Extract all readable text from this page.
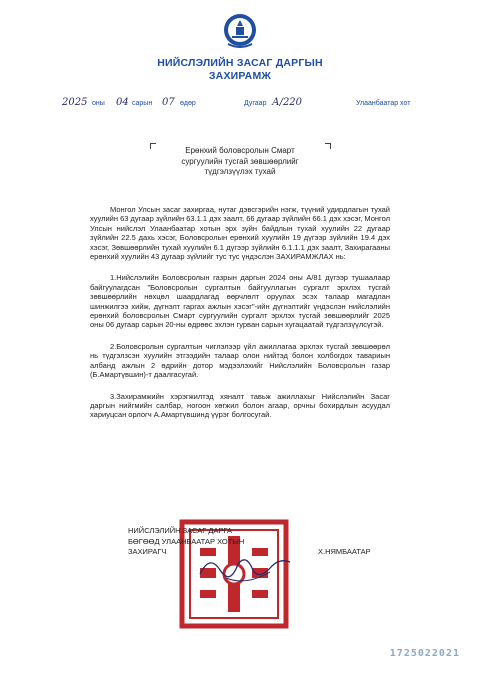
НИЙСЛЭЛИЙН ЗАСАГ ДАРГЫН
ЗАХИРАМЖ
2025 оны 04 сарын 07 өдөр	Дугаар А/220	Улаанбаатар хот
Ерөнхий боловсролын Смарт
сургуулийн тусгай зөвшөөрлийг
түдгэлзүүлэх тухай

Монгол Улсын засаг захиргаа, нутаг дэвсгэрийн нэгж, түүний удирдлагын тухай хуулийн 63 дугаар зүйлийн 63.1.1 дэх заалт, 66 дугаар зүйлийн 66.1 дэх хэсэг, Монгол Улсын нийслэл Улаанбаатар хотын эрх зүйн байдлын тухай хуулийн 22 дугаар зүйлийн 22.5 дахь хэсэг, Боловсролын ерөнхий хуулийн 19 дүгээр зүйлийн 19.4 дэх хэсэг, Зөвшөөрлийн тухай хуулийн 6.1 дүгээр зүйлийн 6.1.1.1 дэх заалт, Захирагааны ерөнхий хуулийн 43 дугаар зүйлийг тус тус үндэслэн ЗАХИРАМЖЛАХ нь:

1.Нийслэлийн Боловсролын газрын даргын 2024 оны А/81 дүгээр тушаалаар байгуулагдсан "Боловсролын сургалтын байгууллагын сургалт эрхлэх тусгай зөвшөөрлийн нөхцөл шаардлагад өөрчлөлт оруулах эсэх талаар магадлан шинжилгээ хийж, дүгнэлт гаргах ажлын хэсэг"-ийн дүгнэлтийг үндэслэн нийслэлийн ерөнхий боловсролын Смарт сургуулийн сургалт эрхлэх тусгай зөвшөөрлийг 2025 оны 06 дугаар сарын 20-ны өдрөөс эхлэн гурван сарын хугацаатай түдгэлзүүлсүгэй.

2.Боловсролын сургалтын чиглэлээр үйл ажиллагаа эрхлэх тусгай зөвшөөрөл нь түдгэлзсэн хуулийн этгээдийн талаар олон нийтэд болон холбогдох тавариын албанд ажлын 2 өдрийн дотор мэдээлэхийг Нийслэлийн Боловсролын газар (Б.Амартүвшин)-т даалгасугай.

3.Захирамжийн хэрэгжилтэд хяналт тавьж ажиллахыг Нийслэлийн Засаг даргын нийгмийн салбар, ногоон хөгжил болон агаар, орчны бохирдлын асуудал хариуцсан орлогч А.Амартүвшинд үүрэг болгосугай.

НИЙСЛЭЛИЙН ЗАСАГ ДАРГА
БӨГӨӨД УЛААНБААТАР ХОТЫН
ЗАХИРАГЧ	Х.НЯМБААТАР
1725022021
